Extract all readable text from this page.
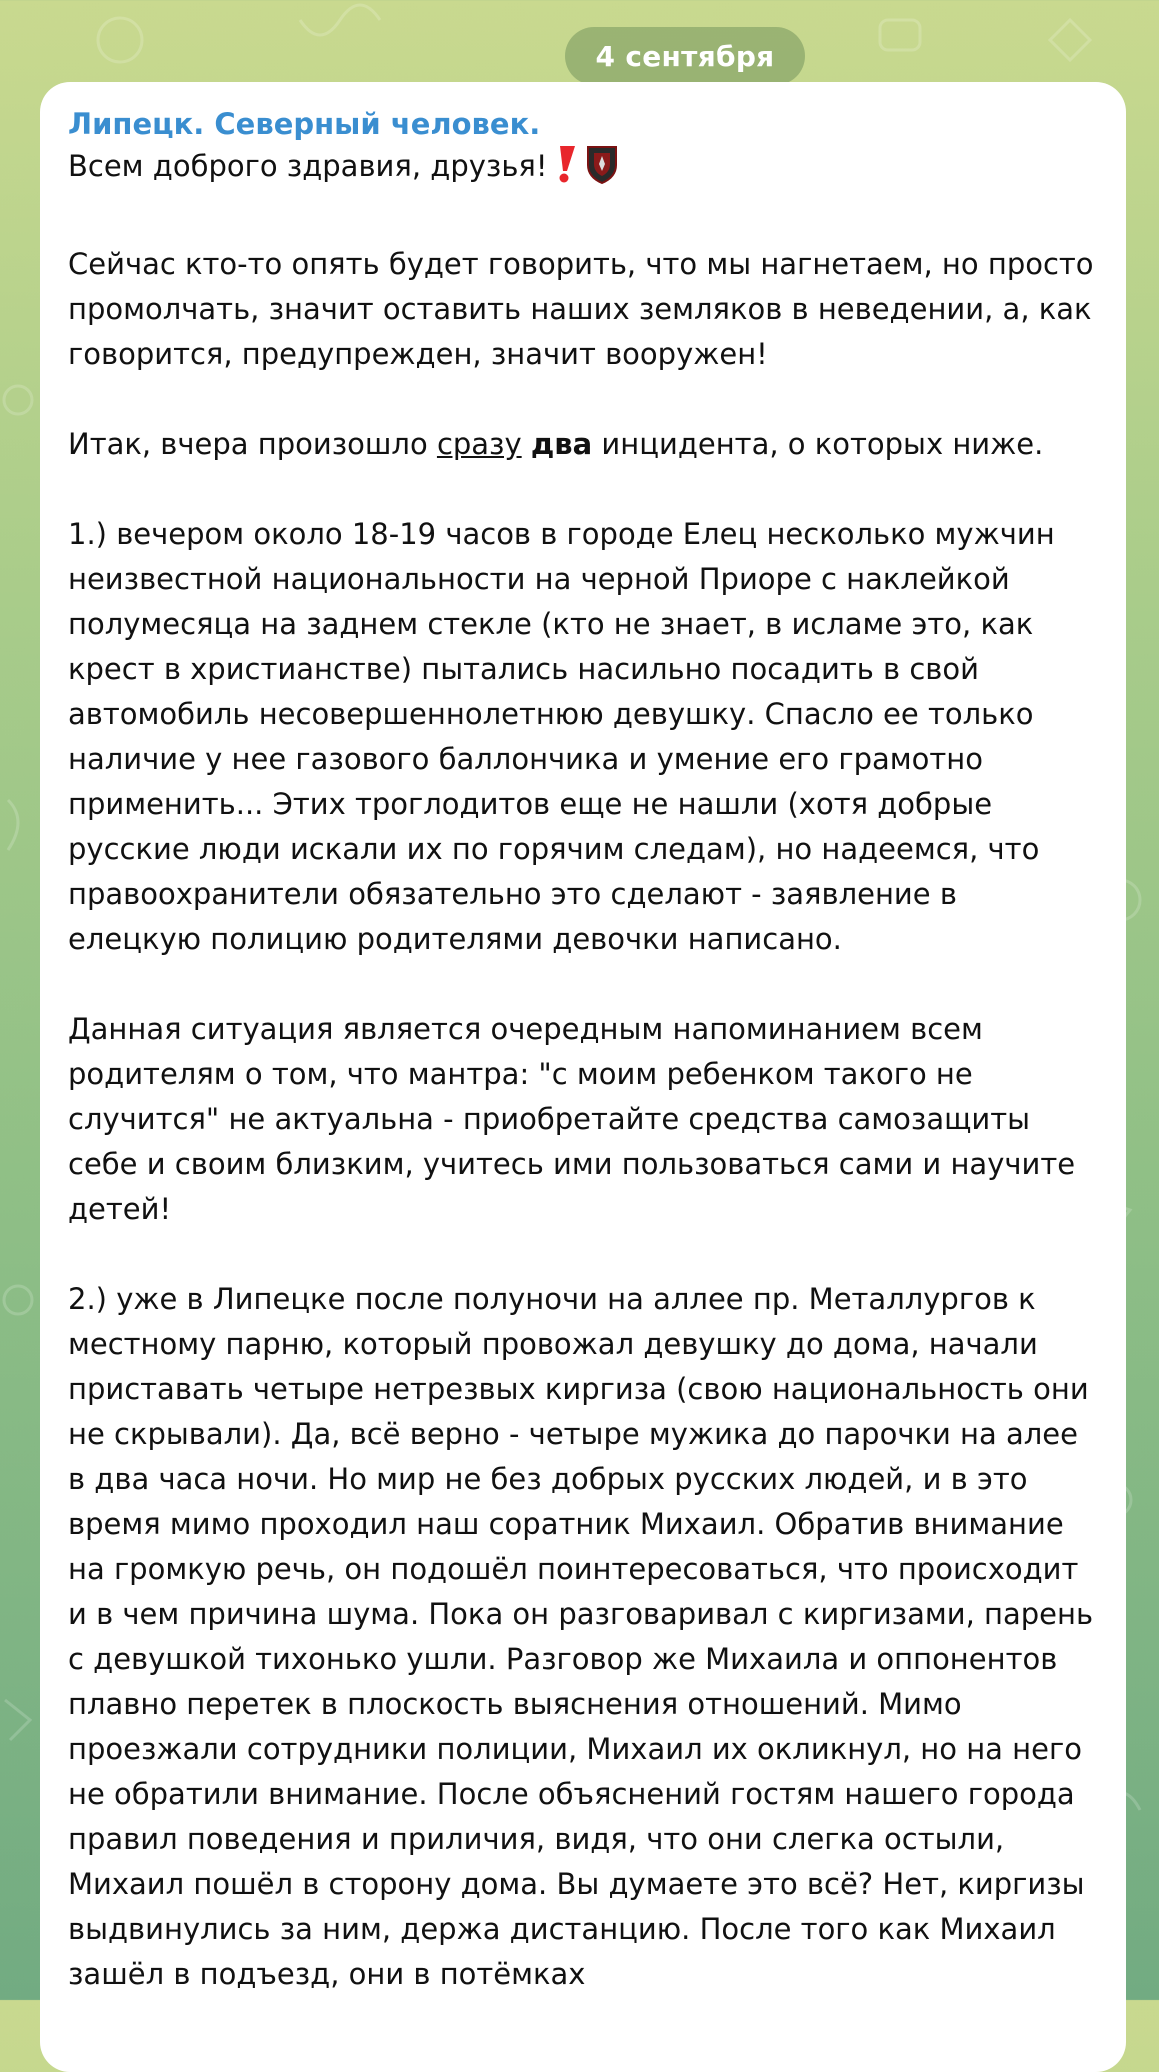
4 сентября
Липецк. Северный человек.

Всем доброго здравия, друзья!

Сейчас кто-то опять будет говорить, что мы нагнетаем, но просто промолчать, значит оставить наших земляков в неведении, а, как говорится, предупрежден, значит вооружен!

Итак, вчера произошло сразу два инцидента, о которых ниже.

1.) вечером около 18-19 часов в городе Елец несколько мужчин неизвестной национальности на черной Приоре с наклейкой полумесяца на заднем стекле (кто не знает, в исламе это, как крест в христианстве) пытались насильно посадить в свой автомобиль несовершеннолетнюю девушку. Спасло ее только наличие у нее газового баллончика и умение его грамотно применить... Этих троглодитов еще не нашли (хотя добрые русские люди искали их по горячим следам), но надеемся, что правоохранители обязательно это сделают - заявление в елецкую полицию родителями девочки написано.

Данная ситуация является очередным напоминанием всем родителям о том, что мантра: "с моим ребенком такого не случится" не актуальна - приобретайте средства самозащиты себе и своим близким, учитесь ими пользоваться сами и научите детей!

2.) уже в Липецке после полуночи на аллее пр. Металлургов к местному парню, который провожал девушку до дома, начали приставать четыре нетрезвых киргиза (свою национальность они не скрывали). Да, всё верно - четыре мужика до парочки на алее в два часа ночи. Но мир не без добрых русских людей, и в это время мимо проходил наш соратник Михаил. Обратив внимание на громкую речь, он подошёл поинтересоваться, что происходит и в чем причина шума. Пока он разговаривал с киргизами, парень с девушкой тихонько ушли. Разговор же Михаила и оппонентов плавно перетек в плоскость выяснения отношений. Мимо проезжали сотрудники полиции, Михаил их окликнул, но на него не обратили внимание. После объяснений гостям нашего города правил поведения и приличия, видя, что они слегка остыли, Михаил пошёл в сторону дома. Вы думаете это всё? Нет, киргизы выдвинулись за ним, держа дистанцию. После того как Михаил зашёл в подъезд, они в потёмках
